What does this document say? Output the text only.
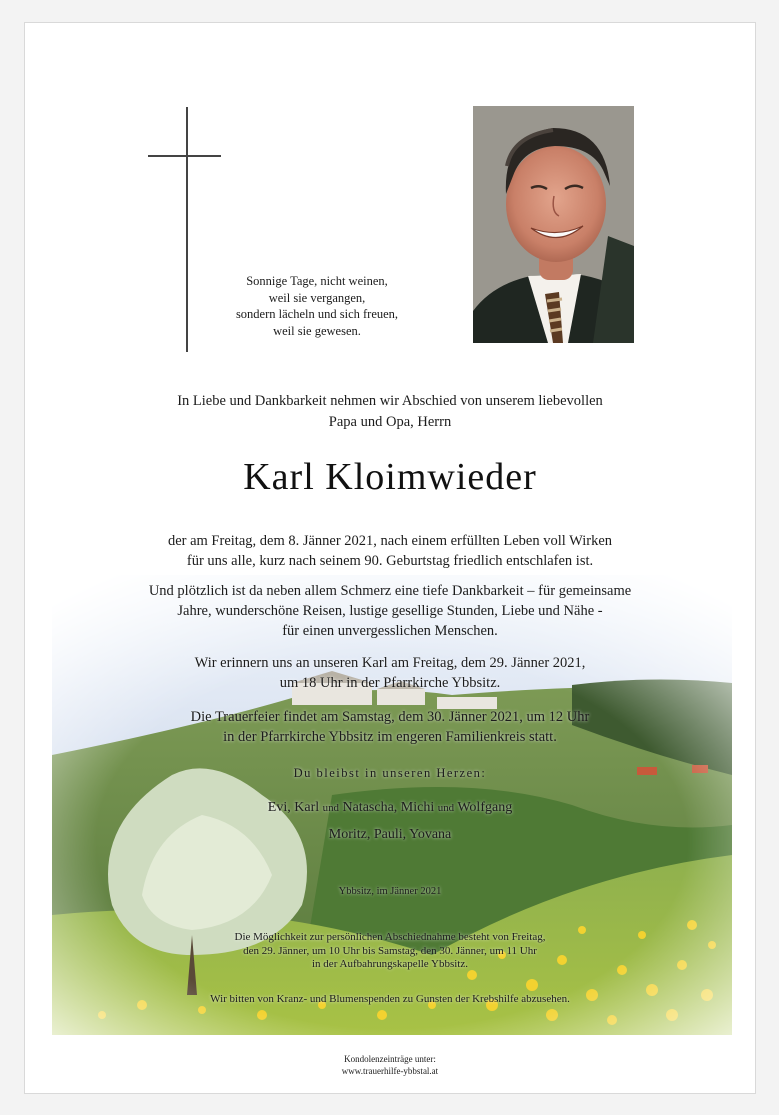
Sonnige Tage, nicht weinen,
weil sie vergangen,
sondern lächeln und sich freuen,
weil sie gewesen.
In Liebe und Dankbarkeit nehmen wir Abschied von unserem liebevollen
Papa und Opa, Herrn
Karl Kloimwieder
der am Freitag, dem 8. Jänner 2021, nach einem erfüllten Leben voll Wirken
für uns alle, kurz nach seinem 90. Geburtstag friedlich entschlafen ist.
Und plötzlich ist da neben allem Schmerz eine tiefe Dankbarkeit – für gemeinsame
Jahre, wunderschöne Reisen, lustige gesellige Stunden, Liebe und Nähe -
für einen unvergesslichen Menschen.
Wir erinnern uns an unseren Karl am Freitag, dem 29. Jänner 2021,
um 18 Uhr in der Pfarrkirche Ybbsitz.
Die Trauerfeier findet am Samstag, dem 30. Jänner 2021, um 12 Uhr
in der Pfarrkirche Ybbsitz im engeren Familienkreis statt.
Du bleibst in unseren Herzen:
Evi, Karl und Natascha, Michi und Wolfgang
Moritz, Pauli, Yovana
Ybbsitz, im Jänner 2021
Die Möglichkeit zur persönlichen Abschiednahme besteht von Freitag,
den 29. Jänner, um 10 Uhr bis Samstag, den 30. Jänner, um 11 Uhr
in der Aufbahrungskapelle Ybbsitz.
Wir bitten von Kranz- und Blumenspenden zu Gunsten der Krebshilfe abzusehen.
Kondolenzeinträge unter:
www.trauerhilfe-ybbstal.at
